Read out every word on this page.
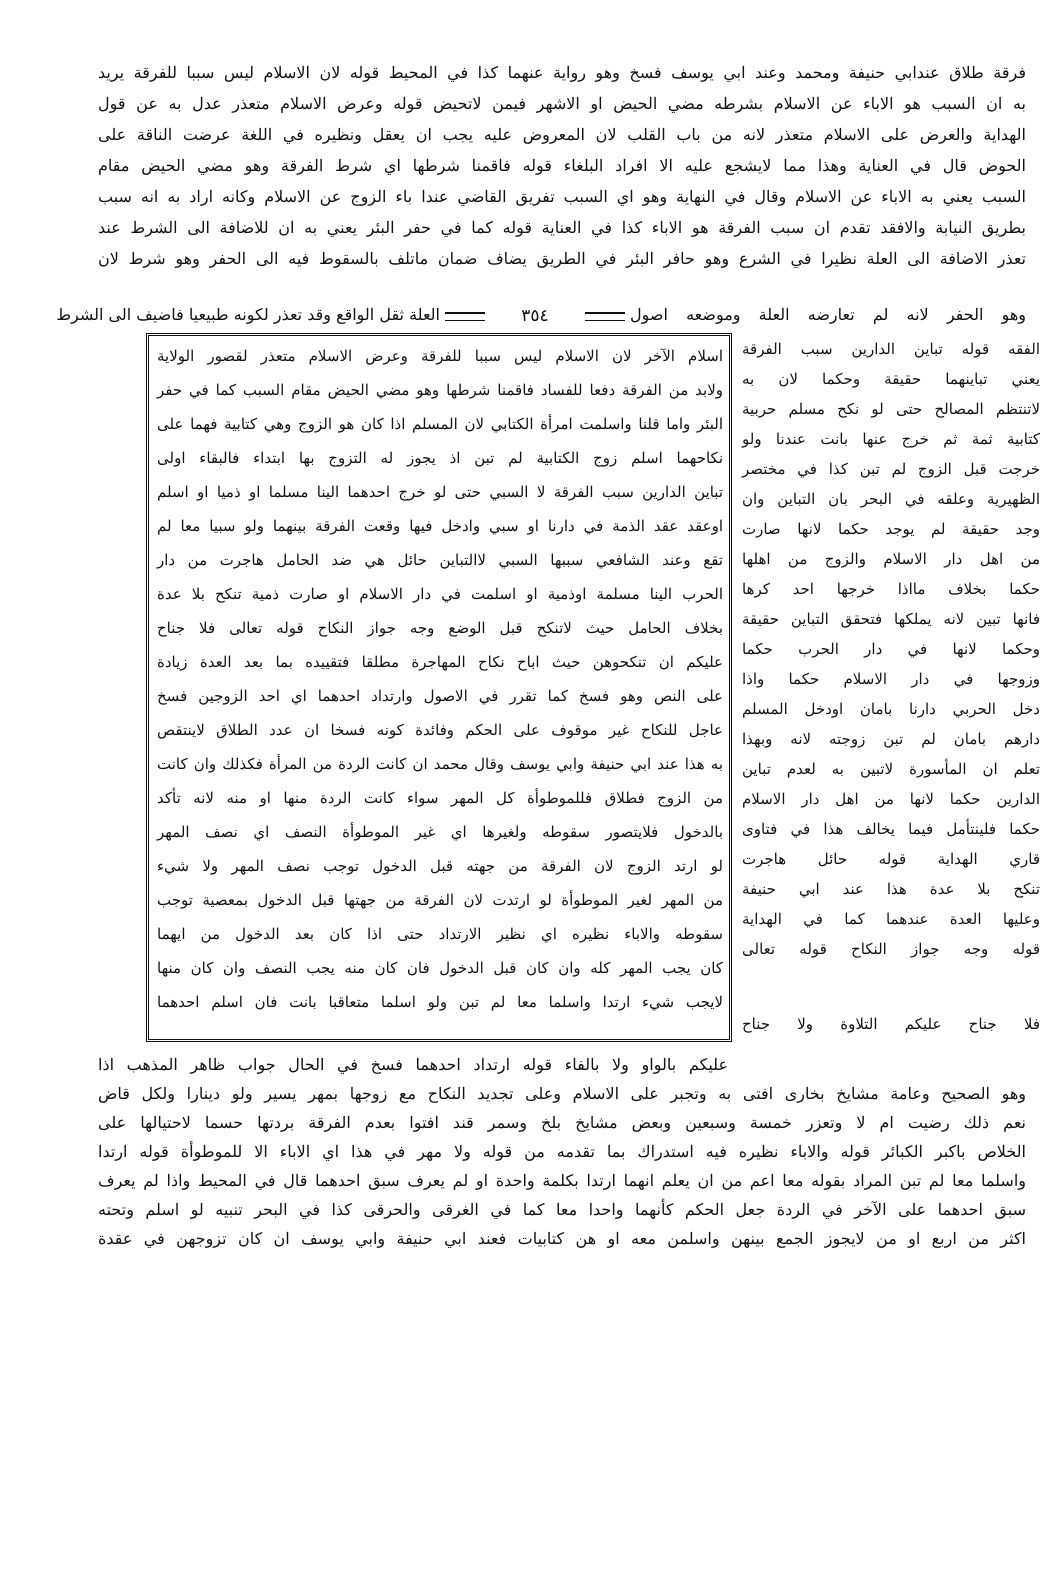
فرقة طلاق عندابي حنيفة ومحمد وعند ابي يوسف فسخ وهو رواية عنهما كذا في المحيط قوله لان الاسلام ليس سببا للفرقة يريد
به ان السبب هو الاباء عن الاسلام بشرطه مضي الحيض او الاشهر فيمن لاتحيض قوله وعرض الاسلام متعذر عدل به عن قول
الهداية والعرض على الاسلام متعذر لانه من باب القلب لان المعروض عليه يجب ان يعقل ونظيره في اللغة عرضت الناقة على
الحوض قال في العناية وهذا مما لايشجع عليه الا افراد البلغاء قوله فاقمنا شرطها اي شرط الفرقة وهو مضي الحيض مقام
السبب يعني به الاباء عن الاسلام وقال في النهاية وهو اي السبب تفريق القاضي عندا باء الزوج عن الاسلام وكانه اراد به انه سبب
بطريق النيابة والافقد تقدم ان سبب الفرقة هو الاباء كذا في العناية قوله كما في حفر البئر يعني به ان للاضافة الى الشرط عند
تعذر الاضافة الى العلة نظيرا في الشرع وهو حافر البئر في الطريق يضاف ضمان ماتلف بالسقوط فيه الى الحفر وهو شرط لان
العلة ثقل الواقع وقد تعذر لكونه طبيعيا فاضيف الى الشرط	وهو الحفر لانه لم تعارضه العلة وموضعه اصول
٣٥٤
الفقه قوله تباين الدارين سبب الفرقة
يعني تباينهما حقيقة وحكما لان به
لاتنتظم المصالح حتى لو نكح مسلم حربية
كتابية ثمة ثم خرج عنها بانت عندنا ولو
خرجت قبل الزوج لم تبن كذا في مختصر
الظهيرية وعلقه في البحر بان التباين وان
وجد حقيقة لم يوجد حكما لانها صارت
من اهل دار الاسلام والزوج من اهلها
حكما بخلاف مااذا خرجها احد كرها
فانها تبين لانه يملكها فتحقق التباين حقيقة
وحكما لانها في دار الحرب حكما
وزوجها في دار الاسلام حكما واذا
دخل الحربي دارنا بامان اودخل المسلم
دارهم بامان لم تبن زوجته لانه وبهذا
تعلم ان المأسورة لاتبين به لعدم تباين
الدارين حكما لانها من اهل دار الاسلام
حكما فلينتأمل فيما يخالف هذا في فتاوى
قاري الهداية قوله حائل هاجرت
تنكح بلا عدة هذا عند ابي حنيفة
وعليها العدة عندهما كما في الهداية
قوله وجه جواز النكاح قوله تعالى
فلا جناح عليكم التلاوة ولا جناح
اسلام الآخر لان الاسلام ليس سببا للفرقة وعرض الاسلام متعذر لقصور الولاية
ولابد من الفرقة دفعا للفساد فاقمنا شرطها وهو مضي الحيض مقام السبب كما في حفر
البئر واما قلنا واسلمت امرأة الكتابي لان المسلم اذا كان هو الزوج وهي كتابية فهما على
نكاحهما اسلم زوج الكتابية لم تبن اذ يجوز له التزوج بها ابتداء فالبقاء اولى
تباين الدارين سبب الفرقة لا السبي حتى لو خرج احدهما الينا مسلما او ذميا او اسلم
اوعقد عقد الذمة في دارنا او سبي وادخل فيها وقعت الفرقة بينهما ولو سبيا معا لم
تقع وعند الشافعي سببها السبي لاالتباين حائل هي ضد الحامل هاجرت من دار
الحرب الينا مسلمة اوذمية او اسلمت في دار الاسلام او صارت ذمية تنكح بلا عدة
بخلاف الحامل حيث لاتنكح قبل الوضع وجه جواز النكاح قوله تعالى فلا جناح
عليكم ان تنكحوهن حيث اباح نكاح المهاجرة مطلقا فتقييده بما بعد العدة زيادة
على النص وهو فسخ كما تقرر في الاصول وارتداد احدهما اي احد الزوجين فسخ
عاجل للنكاح غير موقوف على الحكم وفائدة كونه فسخا ان عدد الطلاق لاينتقص
به هذا عند ابي حنيفة وابي يوسف وقال محمد ان كانت الردة من المرأة فكذلك وان كانت
من الزوج فطلاق فللموطوأة كل المهر سواء كانت الردة منها او منه لانه تأكد
بالدخول فلايتصور سقوطه ولغيرها اي غير الموطوأة النصف اي نصف المهر
لو ارتد الزوج لان الفرقة من جهته قبل الدخول توجب نصف المهر ولا شيء
من المهر لغير الموطوأة لو ارتدت لان الفرقة من جهتها قبل الدخول بمعصية توجب
سقوطه والاباء نظيره اي نظير الارتداد حتى اذا كان بعد الدخول من ايهما
كان يجب المهر كله وان كان قبل الدخول فان كان منه يجب النصف وان كان منها
لايجب شيء ارتدا واسلما معا لم تبن ولو اسلما متعاقبا بانت فان اسلم احدهما
عليكم بالواو ولا بالفاء قوله ارتداد احدهما فسخ في الحال جواب ظاهر المذهب اذا
وهو الصحيح وعامة مشايخ بخارى افتى به وتجبر على الاسلام وعلى تجديد النكاح مع زوجها بمهر يسير ولو دينارا ولكل قاض
نعم ذلك رضيت ام لا وتعزر خمسة وسبعين وبعض مشايخ بلخ وسمر قند افتوا بعدم الفرقة بردتها حسما لاحتيالها على
الخلاص باكبر الكبائر قوله والاباء نظيره فيه استدراك بما تقدمه من قوله ولا مهر في هذا اي الاباء الا للموطوأة قوله ارتدا
واسلما معا لم تبن المراد بقوله معا اعم من ان يعلم انهما ارتدا بكلمة واحدة او لم يعرف سبق احدهما قال في المحيط واذا لم يعرف
سبق احدهما على الآخر في الردة جعل الحكم كأنهما واحدا معا كما في الغرقى والحرقى كذا في البحر تنبيه لو اسلم وتحته
اكثر من اربع او من لايجوز الجمع بينهن واسلمن معه او هن كتابيات فعند ابي حنيفة وابي يوسف ان كان تزوجهن في عقدة
